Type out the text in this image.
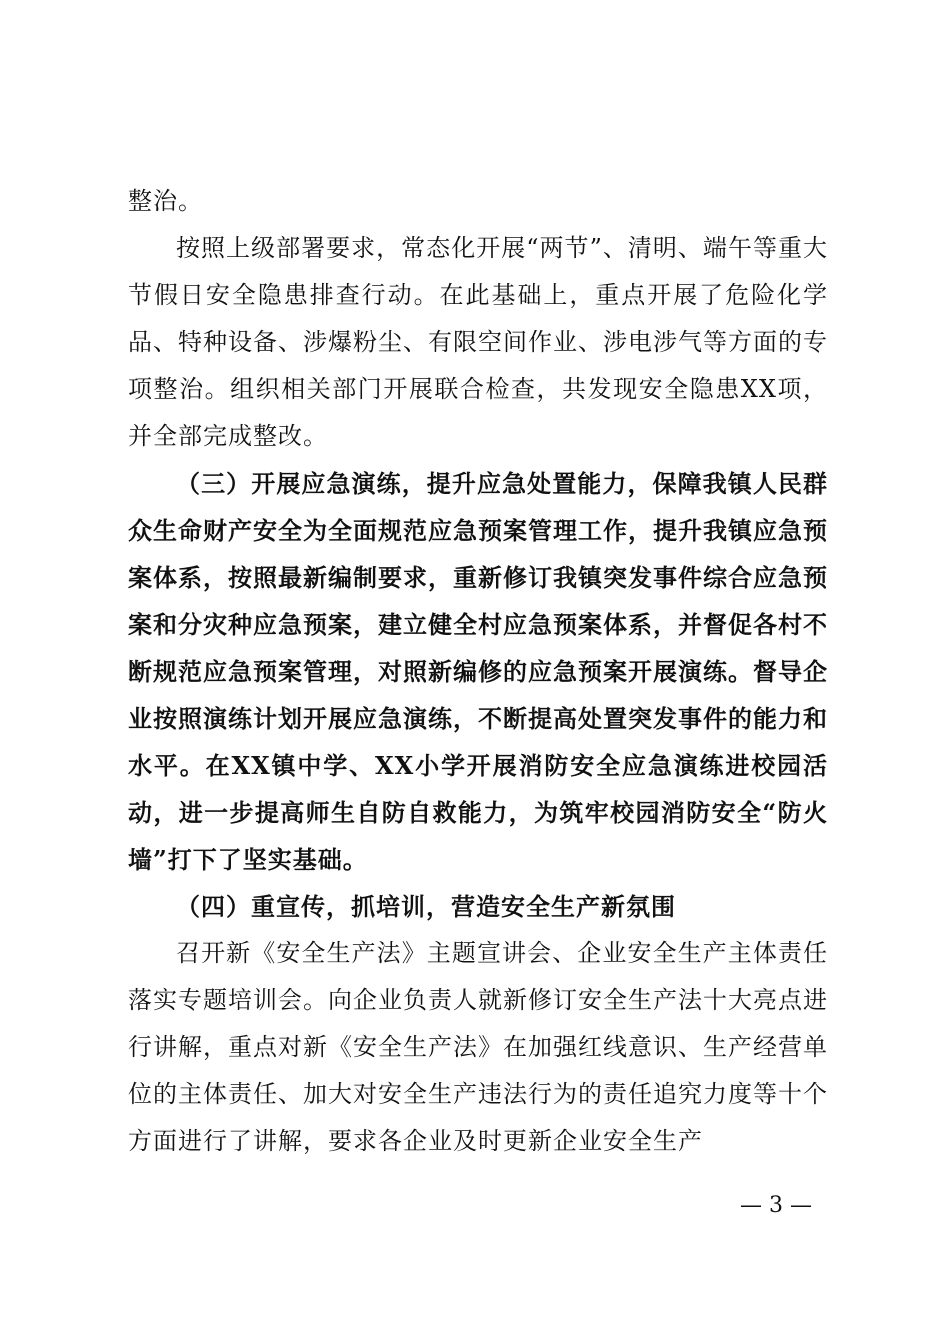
整治。

按照上级部署要求，常态化开展“两节”、清明、端午等重大节假日安全隐患排查行动。在此基础上，重点开展了危险化学品、特种设备、涉爆粉尘、有限空间作业、涉电涉气等方面的专项整治。组织相关部门开展联合检查，共发现安全隐患XX项，并全部完成整改。

（三）开展应急演练，提升应急处置能力，保障我镇人民群众生命财产安全为全面规范应急预案管理工作，提升我镇应急预案体系，按照最新编制要求，重新修订我镇突发事件综合应急预案和分灾种应急预案，建立健全村应急预案体系，并督促各村不断规范应急预案管理，对照新编修的应急预案开展演练。督导企业按照演练计划开展应急演练，不断提高处置突发事件的能力和水平。在XX镇中学、XX小学开展消防安全应急演练进校园活动，进一步提高师生自防自救能力，为筑牢校园消防安全“防火墙”打下了坚实基础。

（四）重宣传，抓培训，营造安全生产新氛围

召开新《安全生产法》主题宣讲会、企业安全生产主体责任落实专题培训会。向企业负责人就新修订安全生产法十大亮点进行讲解，重点对新《安全生产法》在加强红线意识、生产经营单位的主体责任、加大对安全生产违法行为的责任追究力度等十个方面进行了讲解，要求各企业及时更新企业安全生产

— 3 —
